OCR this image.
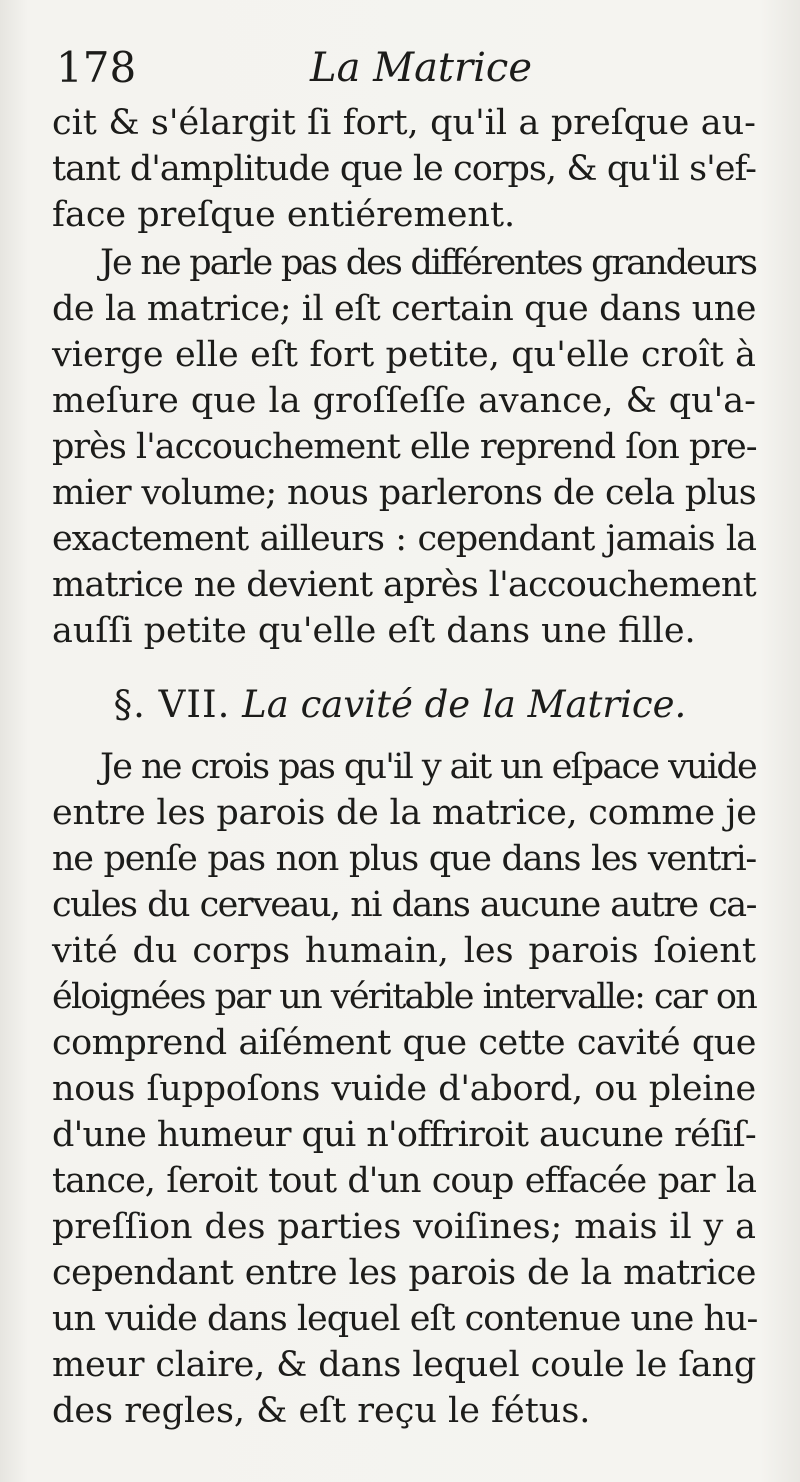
178	La Matrice
cit & s'élargit ſi fort, qu'il a preſque au-
tant d'amplitude que le corps, & qu'il s'ef-
face preſque entiérement.
Je ne parle pas des différentes grandeurs
de la matrice; il eſt certain que dans une
vierge elle eſt fort petite, qu'elle croît à
meſure que la groſſeſſe avance, & qu'a-
près l'accouchement elle reprend ſon pre-
mier volume; nous parlerons de cela plus
exactement ailleurs : cependant jamais la
matrice ne devient après l'accouchement
auſſi petite qu'elle eſt dans une fille.
§. VII. La cavité de la Matrice.
Je ne crois pas qu'il y ait un eſpace vuide
entre les parois de la matrice, comme je
ne penſe pas non plus que dans les ventri-
cules du cerveau, ni dans aucune autre ca-
vité du corps humain, les parois ſoient
éloignées par un véritable intervalle: car on
comprend aiſément que cette cavité que
nous ſuppoſons vuide d'abord, ou pleine
d'une humeur qui n'offriroit aucune réſiſ-
tance, ſeroit tout d'un coup effacée par la
preſſion des parties voiſines; mais il y a
cependant entre les parois de la matrice
un vuide dans lequel eſt contenue une hu-
meur claire, & dans lequel coule le ſang
des regles, & eſt reçu le fétus.
